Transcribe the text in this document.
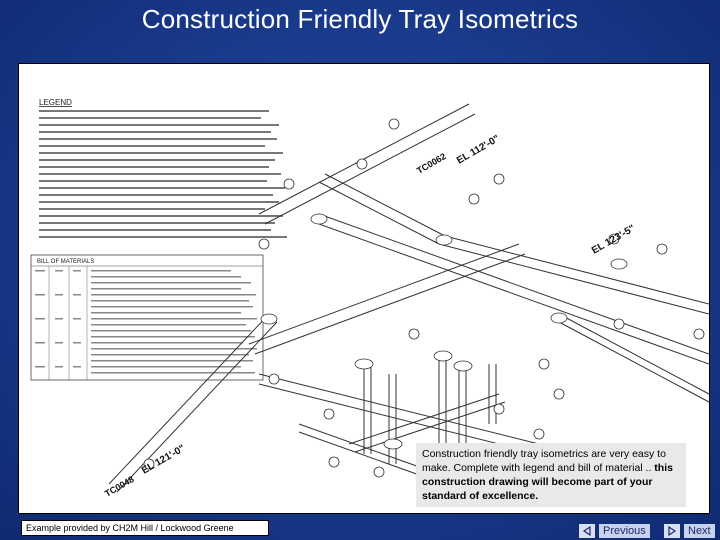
Construction Friendly Tray Isometrics
LEGEND
BILL OF MATERIALS
EL 112'-0"
EL 123'-5"
EL 121'-0"
TC0062
TC0048
Construction friendly tray isometrics are very easy to make. Complete with legend and bill of material .. this construction drawing will become part of your standard of excellence.
Example provided by CH2M Hill / Lockwood Greene	Previous	Next
